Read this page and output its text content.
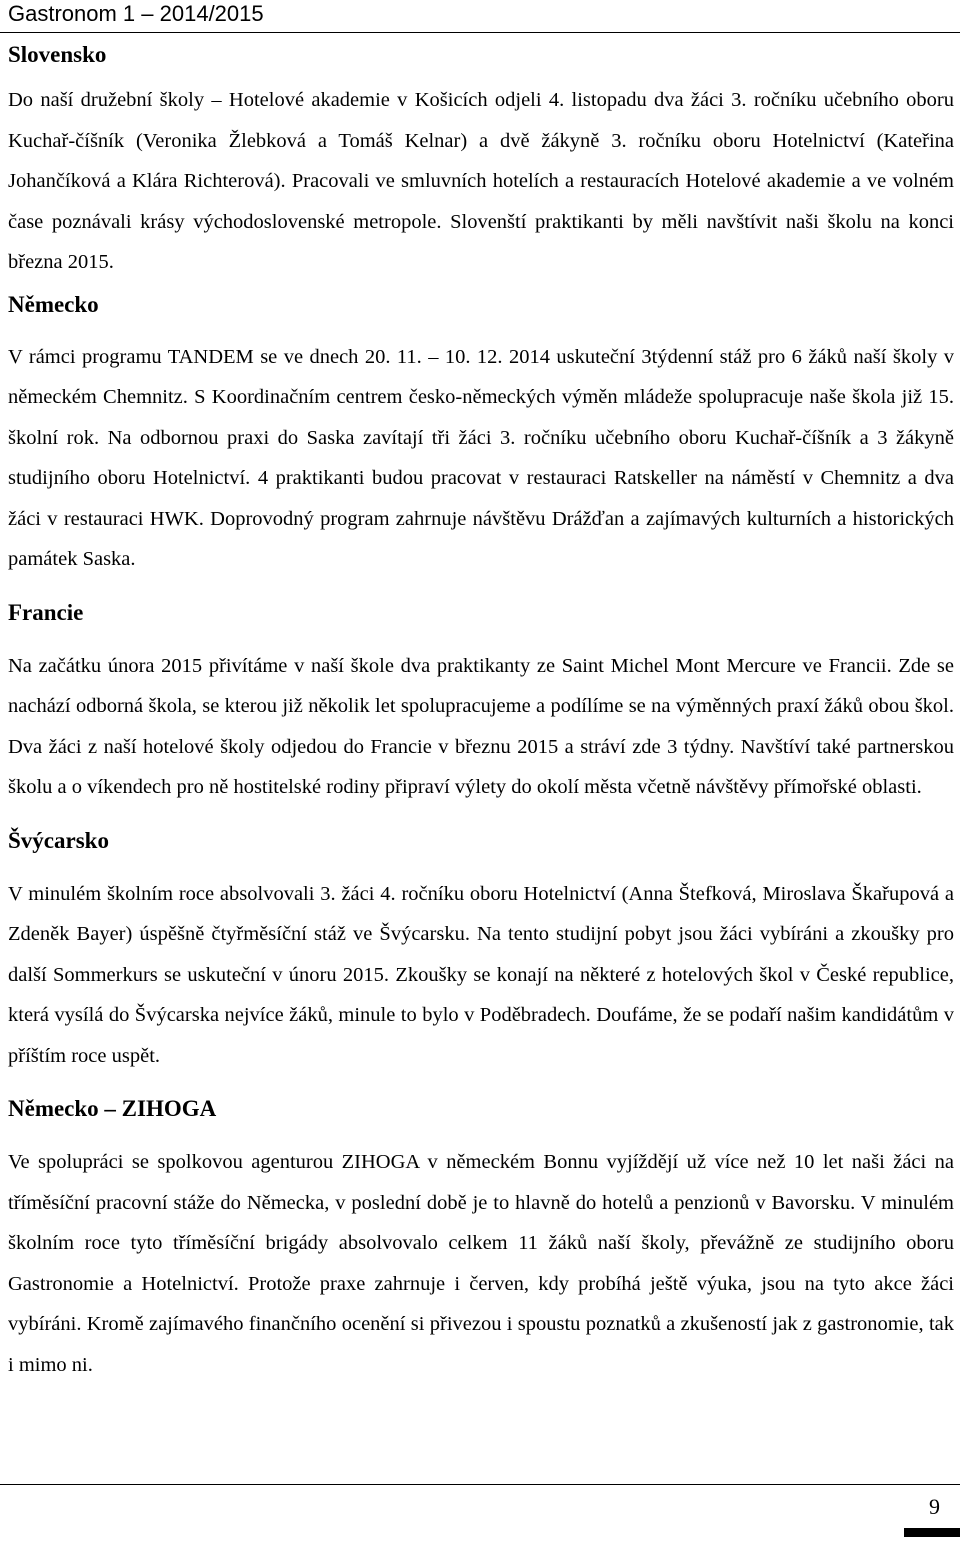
Gastronom 1 – 2014/2015
Slovensko

Do naší družební školy – Hotelové akademie v Košicích odjeli 4. listopadu dva žáci 3. ročníku učebního oboru Kuchař-číšník (Veronika Žlebková a Tomáš Kelnar) a dvě žákyně 3. ročníku oboru Hotelnictví (Kateřina Johančíková a Klára Richterová). Pracovali ve smluvních hotelích a restauracích Hotelové akademie a ve volném čase poznávali krásy východoslovenské metropole. Slovenští praktikanti by měli navštívit naši školu na konci března 2015.

Německo

V rámci programu TANDEM se ve dnech 20. 11. – 10. 12. 2014 uskuteční 3týdenní stáž pro 6 žáků naší školy v německém Chemnitz. S Koordinačním centrem česko-německých výměn mládeže spolupracuje naše škola již 15. školní rok. Na odbornou praxi do Saska zavítají tři žáci 3. ročníku učebního oboru Kuchař-číšník a 3 žákyně studijního oboru Hotelnictví. 4 praktikanti budou pracovat v restauraci Ratskeller na náměstí v Chemnitz a dva žáci v restauraci HWK. Doprovodný program zahrnuje návštěvu Drážďan a zajímavých kulturních a historických památek Saska.

Francie

Na začátku února 2015 přivítáme v naší škole dva praktikanty ze Saint Michel Mont Mercure ve Francii. Zde se nachází odborná škola, se kterou již několik let spolupracujeme a podílíme se na výměnných praxí žáků obou škol. Dva žáci z naší hotelové školy odjedou do Francie v březnu 2015 a stráví zde 3 týdny. Navštíví také partnerskou školu a o víkendech pro ně hostitelské rodiny připraví výlety do okolí města včetně návštěvy přímořské oblasti.

Švýcarsko

V minulém školním roce absolvovali 3. žáci 4. ročníku oboru Hotelnictví (Anna Štefková, Miroslava Škařupová a Zdeněk Bayer) úspěšně čtyřměsíční stáž ve Švýcarsku. Na tento studijní pobyt jsou žáci vybíráni a zkoušky pro další Sommerkurs se uskuteční v únoru 2015. Zkoušky se konají na některé z hotelových škol v České republice, která vysílá do Švýcarska nejvíce žáků, minule to bylo v Poděbradech. Doufáme, že se podaří našim kandidátům v příštím roce uspět.

Německo – ZIHOGA

Ve spolupráci se spolkovou agenturou ZIHOGA v německém Bonnu vyjíždějí už více než 10 let naši žáci na tříměsíční pracovní stáže do Německa, v poslední době je to hlavně do hotelů a penzionů v Bavorsku. V minulém školním roce tyto tříměsíční brigády absolvovalo celkem 11 žáků naší školy, převážně ze studijního oboru Gastronomie a Hotelnictví. Protože praxe zahrnuje i červen, kdy probíhá ještě výuka, jsou na tyto akce žáci vybíráni. Kromě zajímavého finančního ocenění si přivezou i spoustu poznatků a zkušeností jak z gastronomie, tak i mimo ni.

9
